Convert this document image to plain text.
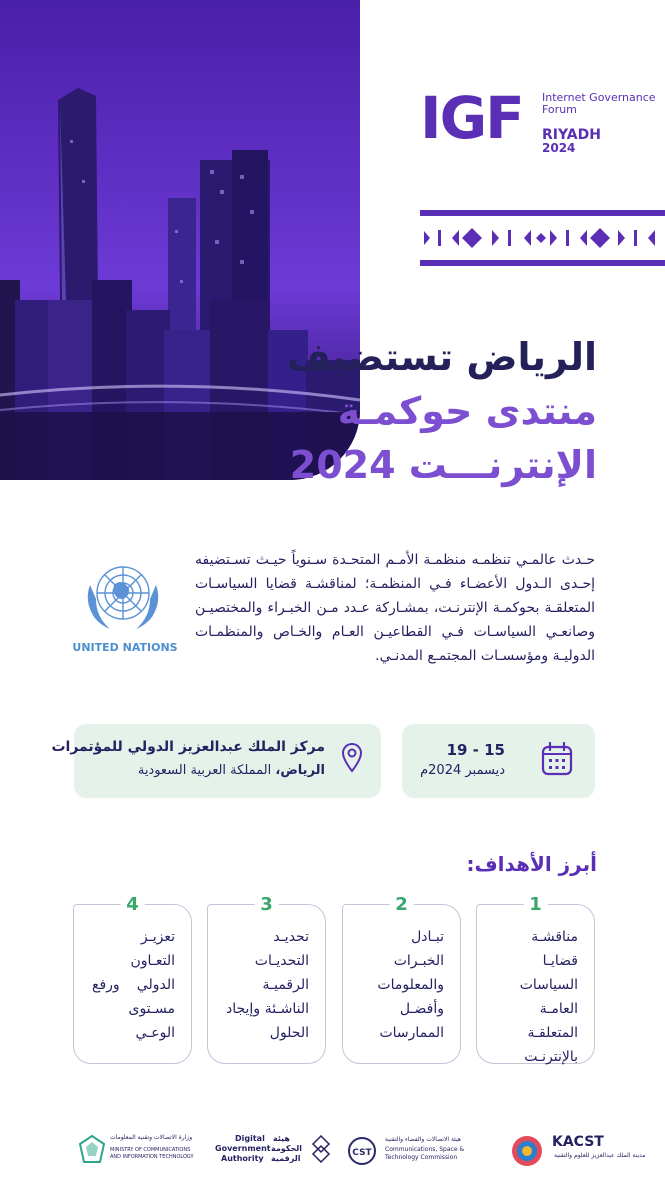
IGF Internet Governance Forum
RIYADH
2024
الرياض تستضيف
منتدى حوكمـة
الإنترنـــت 2024
UNITED NATIONS
حـدث عالمـي تنظمـه منظمـة الأمـم المتحـدة سـنوياً حيـث تسـتضيفه إحـدى الـدول الأعضـاء فـي المنظمـة؛ لمناقشـة قضايا السياسـات المتعلقـة بحوكمـة الإنترنـت، بمشـاركة عـدد مـن الخبـراء والمختصيـن وصانعـي السياسـات فـي القطاعيـن العـام والخـاص والمنظمـات الدوليـة ومؤسسـات المجتمـع المدنـي.
15 - 19
ديسمبر 2024م
مركز الملك عبدالعزيز الدولي للمؤتمرات
الرياض، المملكة العربية السعودية
أبرز الأهداف:
1
مناقشـة قضايـا السياسات العامـة المتعلقـة بالإنترنـت
2
تبـادل الخبـرات والمعلومات وأفضـل الممارسات
3
تحديـد التحديـات الرقميـة الناشـئة وإيجاد الحلول
4
تعزيـز التعـاون الدولي ورفع مسـتوى الوعـي
KACST
مدينة الملك عبدالعزيز للعلوم والتقنية
CST
هيئة الاتصالات والفضاء والتقنية
Communications, Space &
Technology Commission
Digital
Government
Authority
هيئة
الحكومة
الرقمية
وزارة الاتصالات وتقنية المعلومات
MINISTRY OF COMMUNICATIONS
AND INFORMATION TECHNOLOGY
